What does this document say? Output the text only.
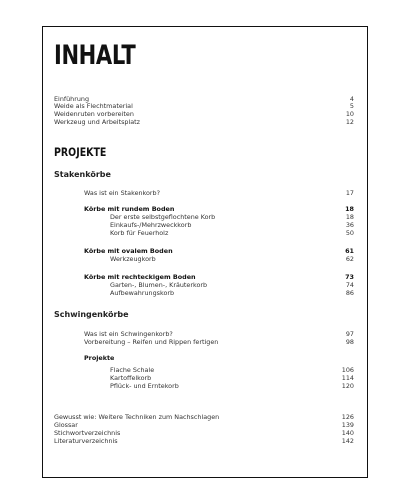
INHALT
Einführung	4
Weide als Flechtmaterial	5
Weidenruten vorbereiten	10
Werkzeug und Arbeitsplatz	12
PROJEKTE
Stakenkörbe
Was ist ein Stakenkorb?	17
Körbe mit rundem Boden	18
Der erste selbstgeflochtene Korb	18
Einkaufs-/Mehrzweckkorb	36
Korb für Feuerholz	50
Körbe mit ovalem Boden	61
Werkzeugkorb	62
Körbe mit rechteckigem Boden	73
Garten-, Blumen-, Kräuterkorb	74
Aufbewahrungskorb	86
Schwingenkörbe
Was ist ein Schwingenkorb?	97
Vorbereitung – Reifen und Rippen fertigen	98
Projekte
Flache Schale	106
Kartoffelkorb	114
Pflück- und Erntekorb	120
Gewusst wie: Weitere Techniken zum Nachschlagen	126
Glossar	139
Stichwortverzeichnis	140
Literaturverzeichnis	142
